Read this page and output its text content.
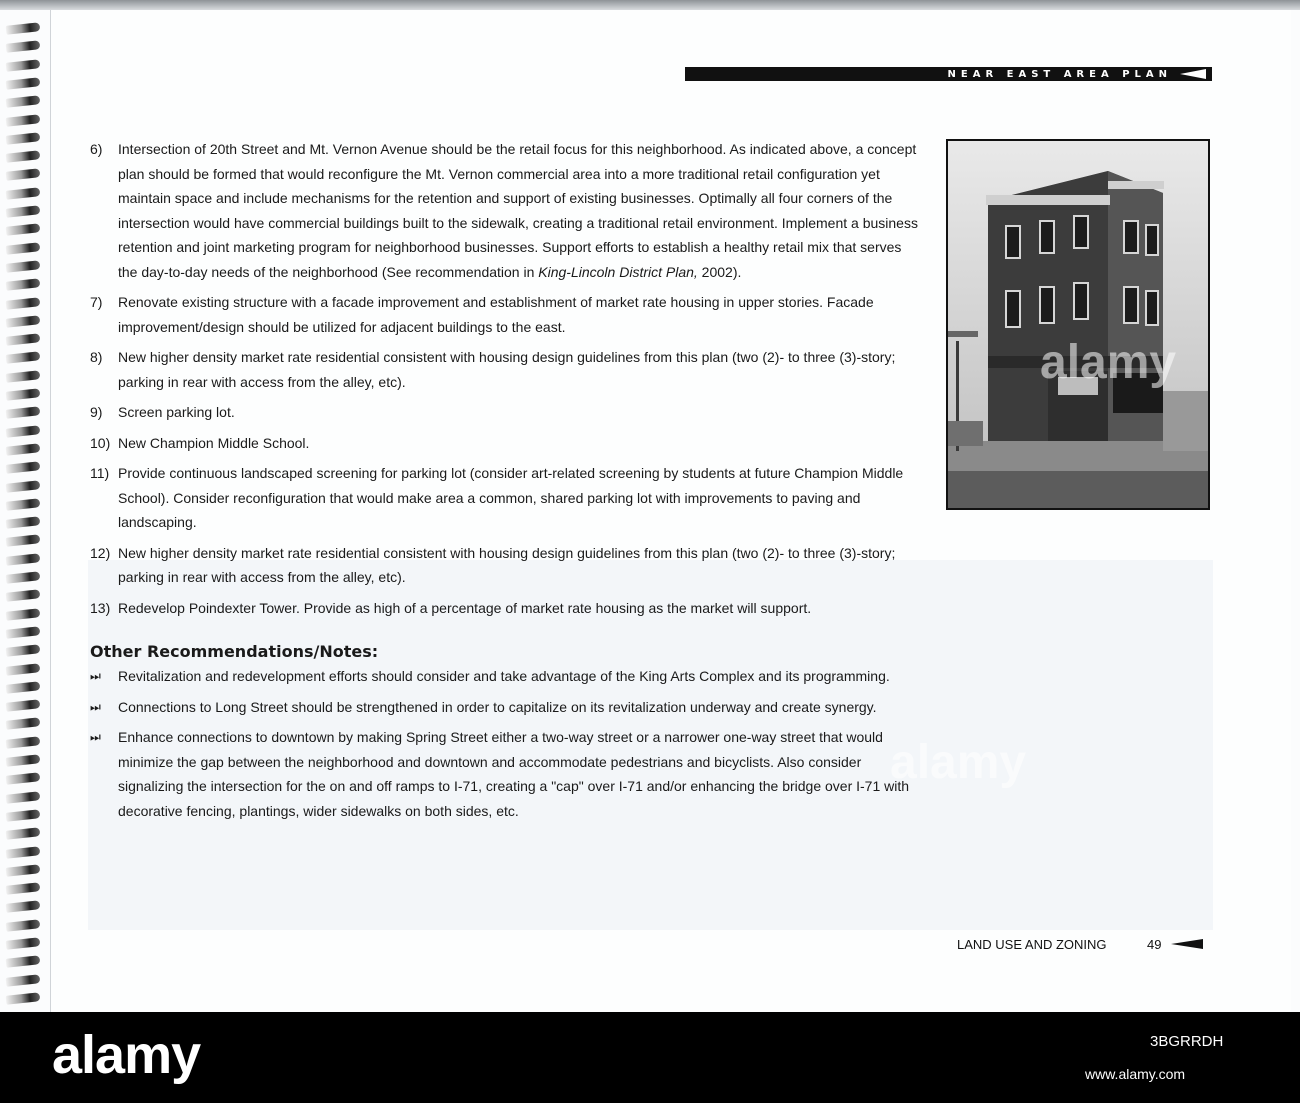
NEAR EAST AREA PLAN
6)	Intersection of 20th Street and Mt. Vernon Avenue should be the retail focus for this neighborhood. As indicated above, a concept plan should be formed that would reconfigure the Mt. Vernon commercial area into a more traditional retail configuration yet maintain space and include mechanisms for the retention and support of existing businesses. Optimally all four corners of the intersection would have commercial buildings built to the sidewalk, creating a traditional retail environment. Implement a business retention and joint marketing program for neighborhood businesses. Support efforts to establish a healthy retail mix that serves the day-to-day needs of the neighborhood (See recommendation in King-Lincoln District Plan, 2002).
7)	Renovate existing structure with a facade improvement and establishment of market rate housing in upper stories. Facade improvement/design should be utilized for adjacent buildings to the east.
8)	New higher density market rate residential consistent with housing design guidelines from this plan (two (2)- to three (3)-story; parking in rear with access from the alley, etc).
9)	Screen parking lot.
10) New Champion Middle School.
11) Provide continuous landscaped screening for parking lot (consider art-related screening by students at future Champion Middle School). Consider reconfiguration that would make area a common, shared parking lot with improvements to paving and landscaping.
12) New higher density market rate residential consistent with housing design guidelines from this plan (two (2)- to three (3)-story; parking in rear with access from the alley, etc).
13) Redevelop Poindexter Tower. Provide as high of a percentage of market rate housing as the market will support.
Other Recommendations/Notes:
⏭	Revitalization and redevelopment efforts should consider and take advantage of the King Arts Complex and its programming.
⏭	Connections to Long Street should be strengthened in order to capitalize on its revitalization underway and create synergy.
⏭	Enhance connections to downtown by making Spring Street either a two-way street or a narrower one-way street that would minimize the gap between the neighborhood and downtown and accommodate pedestrians and bicyclists. Also consider signalizing the intersection for the on and off ramps to I-71, creating a "cap" over I-71 and/or enhancing the bridge over I-71 with decorative fencing, plantings, wider sidewalks on both sides, etc.
LAND USE AND ZONING	49
alamy
alamy
alamy	3BGRRDH
www.alamy.com
